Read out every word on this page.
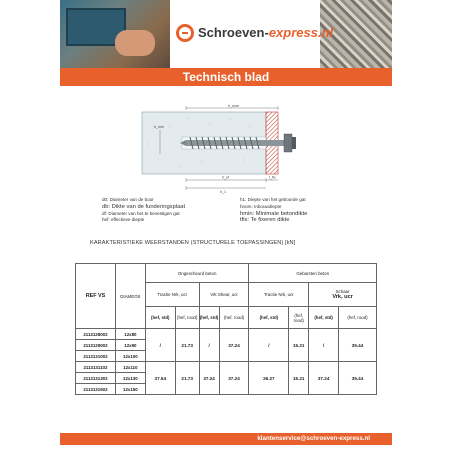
Schroeven-express.nl
Technisch blad
h_nom
h_ef	t_fix
h_1
h_min
d0: Diameter van de boor
db: Dikte van de funderingsplaat
df: Diameter van het te bevestigen gat
hef: effectieve diepte
h1: Diepte van het geboorde gat
hnom: Inbouwdiepte
hmin: Minimale betondikte
tfix: Te fixeren dikte
KARAKTERISTIEKE WEERSTANDEN (STRUCTURELE TOEPASSINGEN) [kN]
REF VS	DIAMEOS	Ongescheurd beton				Gebarsten beton			
		Tractie Nrk, ucr		Vrk Shear, ucr		Tractie Nrk, ucr		Schaar
Vrk, ucr	

		(hef, std)	(hef, rood)	(hef, std)	(hef, rood)	(hef, std)	(hef, rood)	(hef, std)	(hef, rood)
2113128002	12x80	/	21.73	/	37.24	/	15.21	/	35.44
2113129002	12x90								
2113131002	12x100								
2113131102	12x110	37.54	21.73	37.24	37.24	26.27	15.21	37.24	35.44
2113131302	12x130								
2113131502	12x150								
klantenservice@schroeven-express.nl
